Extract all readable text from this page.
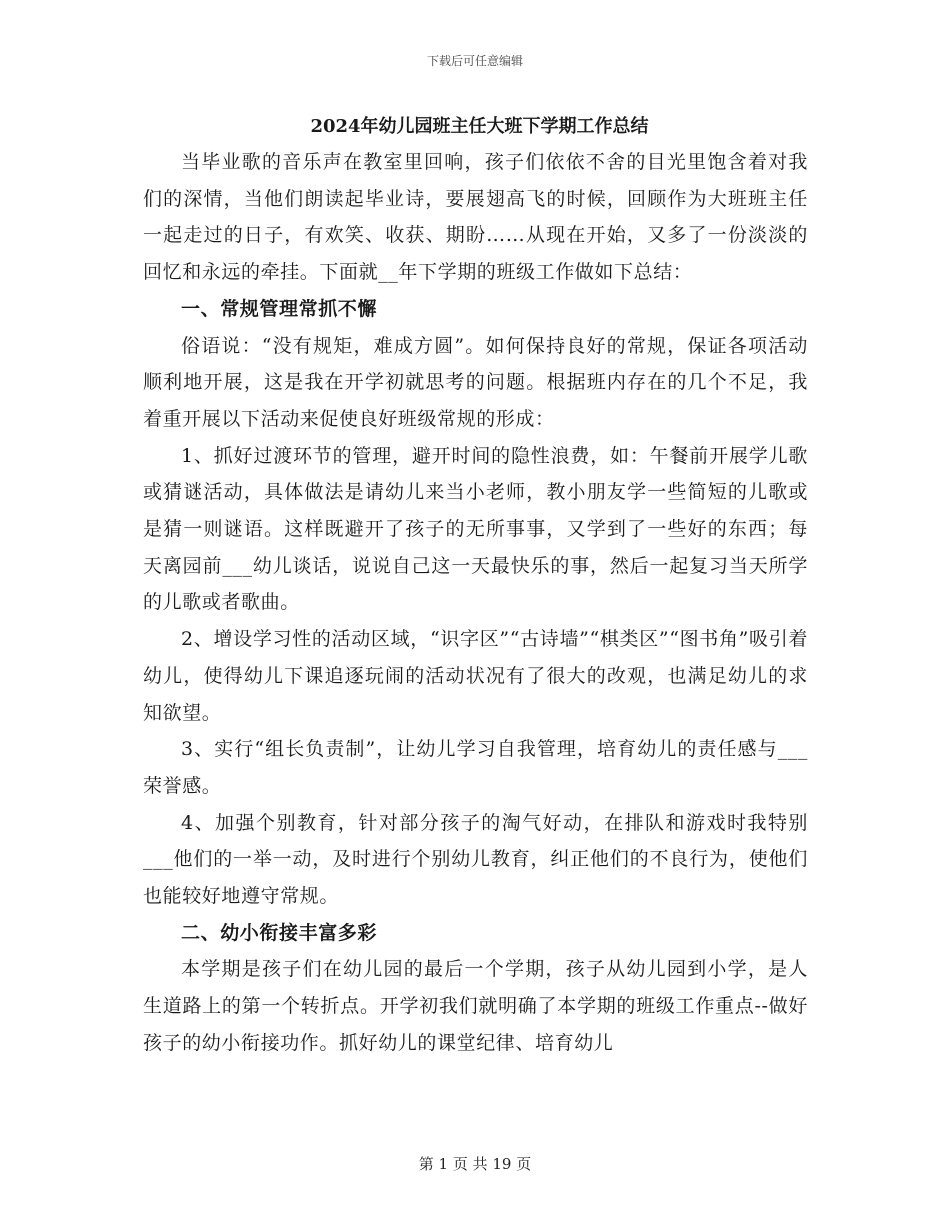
下载后可任意编辑
2024年幼儿园班主任大班下学期工作总结

当毕业歌的音乐声在教室里回响，孩子们依依不舍的目光里饱含着对我们的深情，当他们朗读起毕业诗，要展翅高飞的时候，回顾作为大班班主任一起走过的日子，有欢笑、收获、期盼……从现在开始，又多了一份淡淡的回忆和永远的牵挂。下面就__年下学期的班级工作做如下总结：

一、常规管理常抓不懈

俗语说：“没有规矩，难成方圆”。如何保持良好的常规，保证各项活动顺利地开展，这是我在开学初就思考的问题。根据班内存在的几个不足，我着重开展以下活动来促使良好班级常规的形成：

1、抓好过渡环节的管理，避开时间的隐性浪费，如：午餐前开展学儿歌或猜谜活动，具体做法是请幼儿来当小老师，教小朋友学一些简短的儿歌或是猜一则谜语。这样既避开了孩子的无所事事，又学到了一些好的东西；每天离园前___幼儿谈话，说说自己这一天最快乐的事，然后一起复习当天所学的儿歌或者歌曲。

2、增设学习性的活动区域，“识字区”“古诗墙”“棋类区”“图书角”吸引着幼儿，使得幼儿下课追逐玩闹的活动状况有了很大的改观，也满足幼儿的求知欲望。

3、实行“组长负责制”，让幼儿学习自我管理，培育幼儿的责任感与___荣誉感。

4、加强个别教育，针对部分孩子的淘气好动，在排队和游戏时我特别___他们的一举一动，及时进行个别幼儿教育，纠正他们的不良行为，使他们也能较好地遵守常规。

二、幼小衔接丰富多彩

本学期是孩子们在幼儿园的最后一个学期，孩子从幼儿园到小学，是人生道路上的第一个转折点。开学初我们就明确了本学期的班级工作重点--做好孩子的幼小衔接功作。抓好幼儿的课堂纪律、培育幼儿

第 1 页 共 19 页
